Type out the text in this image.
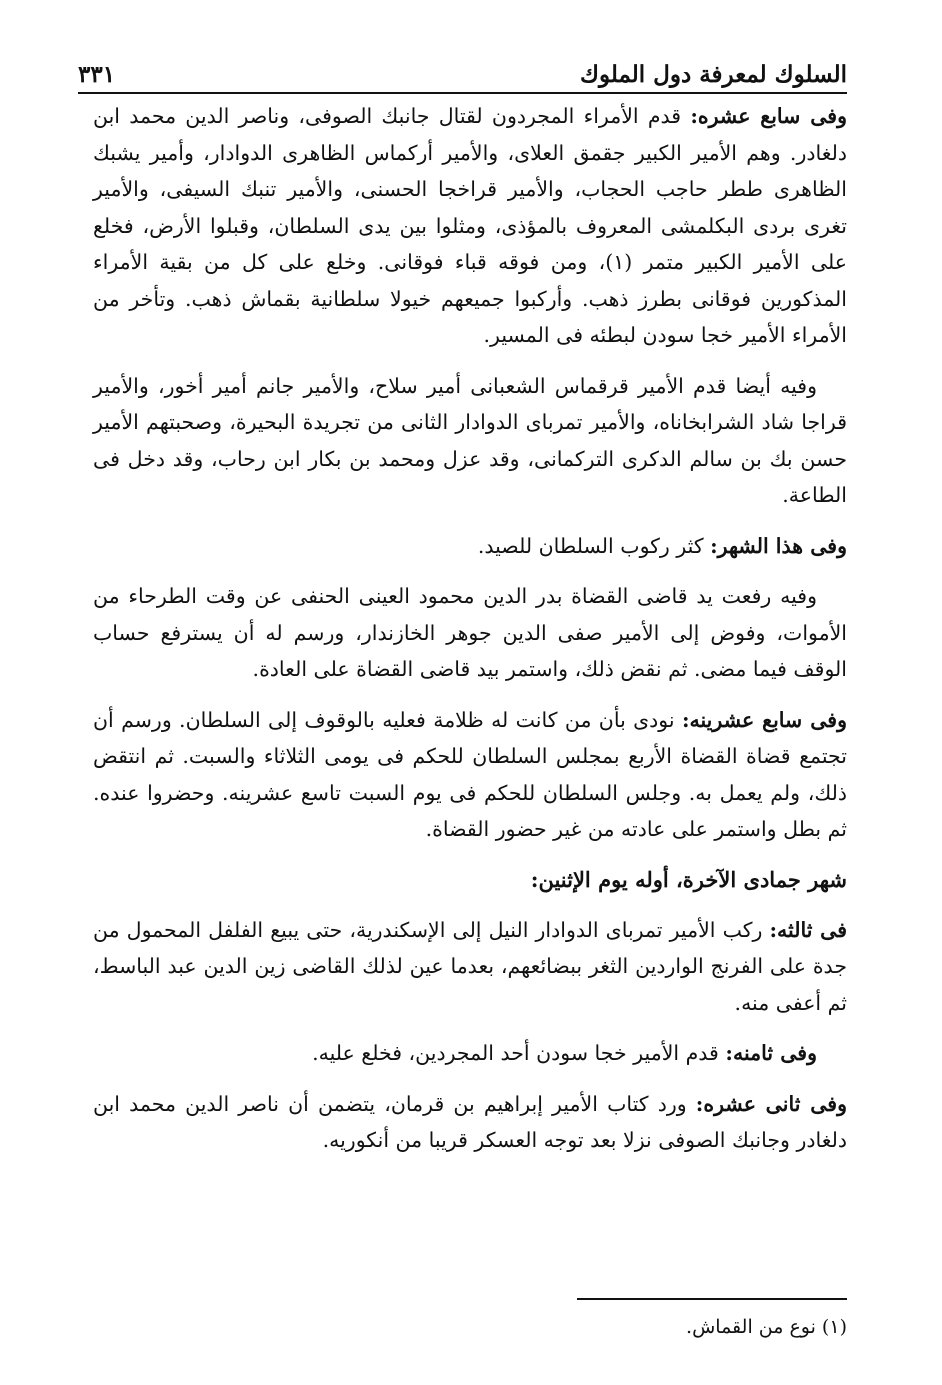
السلوك لمعرفة دول الملوك
٣٣١

وفى سابع عشره: قدم الأمراء المجردون لقتال جانبك الصوفى، وناصر الدين محمد ابن دلغادر. وهم الأمير الكبير جقمق العلاى، والأمير أركماس الظاهرى الدوادار، وأمير يشبك الظاهرى ططر حاجب الحجاب، والأمير قراخجا الحسنى، والأمير تنبك السيفى، والأمير تغرى بردى البكلمشى المعروف بالمؤذى، ومثلوا بين يدى السلطان، وقبلوا الأرض، فخلع على الأمير الكبير متمر (١)، ومن فوقه قباء فوقانى. وخلع على كل من بقية الأمراء المذكورين فوقانى بطرز ذهب. وأركبوا جميعهم خيولا سلطانية بقماش ذهب. وتأخر من الأمراء الأمير خجا سودن لبطئه فى المسير.

وفيه أيضا قدم الأمير قرقماس الشعبانى أمير سلاح، والأمير جانم أمير أخور، والأمير قراجا شاد الشرابخاناه، والأمير تمرباى الدوادار الثانى من تجريدة البحيرة، وصحبتهم الأمير حسن بك بن سالم الدكرى التركمانى، وقد عزل ومحمد بن بكار ابن رحاب، وقد دخل فى الطاعة.

وفى هذا الشهر: كثر ركوب السلطان للصيد.

وفيه رفعت يد قاضى القضاة بدر الدين محمود العينى الحنفى عن وقت الطرحاء من الأموات، وفوض إلى الأمير صفى الدين جوهر الخازندار، ورسم له أن يسترفع حساب الوقف فيما مضى. ثم نقض ذلك، واستمر بيد قاضى القضاة على العادة.

وفى سابع عشرينه: نودى بأن من كانت له ظلامة فعليه بالوقوف إلى السلطان. ورسم أن تجتمع قضاة القضاة الأربع بمجلس السلطان للحكم فى يومى الثلاثاء والسبت. ثم انتقض ذلك، ولم يعمل به. وجلس السلطان للحكم فى يوم السبت تاسع عشرينه. وحضروا عنده. ثم بطل واستمر على عادته من غير حضور القضاة.

شهر جمادى الآخرة، أوله يوم الإثنين:

فى ثالثه: ركب الأمير تمرباى الدوادار النيل إلى الإسكندرية، حتى يبيع الفلفل المحمول من جدة على الفرنج الواردين الثغر ببضائعهم، بعدما عين لذلك القاضى زين الدين عبد الباسط، ثم أعفى منه.

وفى ثامنه: قدم الأمير خجا سودن أحد المجردين، فخلع عليه.

وفى ثانى عشره: ورد كتاب الأمير إبراهيم بن قرمان، يتضمن أن ناصر الدين محمد ابن دلغادر وجانبك الصوفى نزلا بعد توجه العسكر قريبا من أنكوريه.

(١) نوع من القماش.
